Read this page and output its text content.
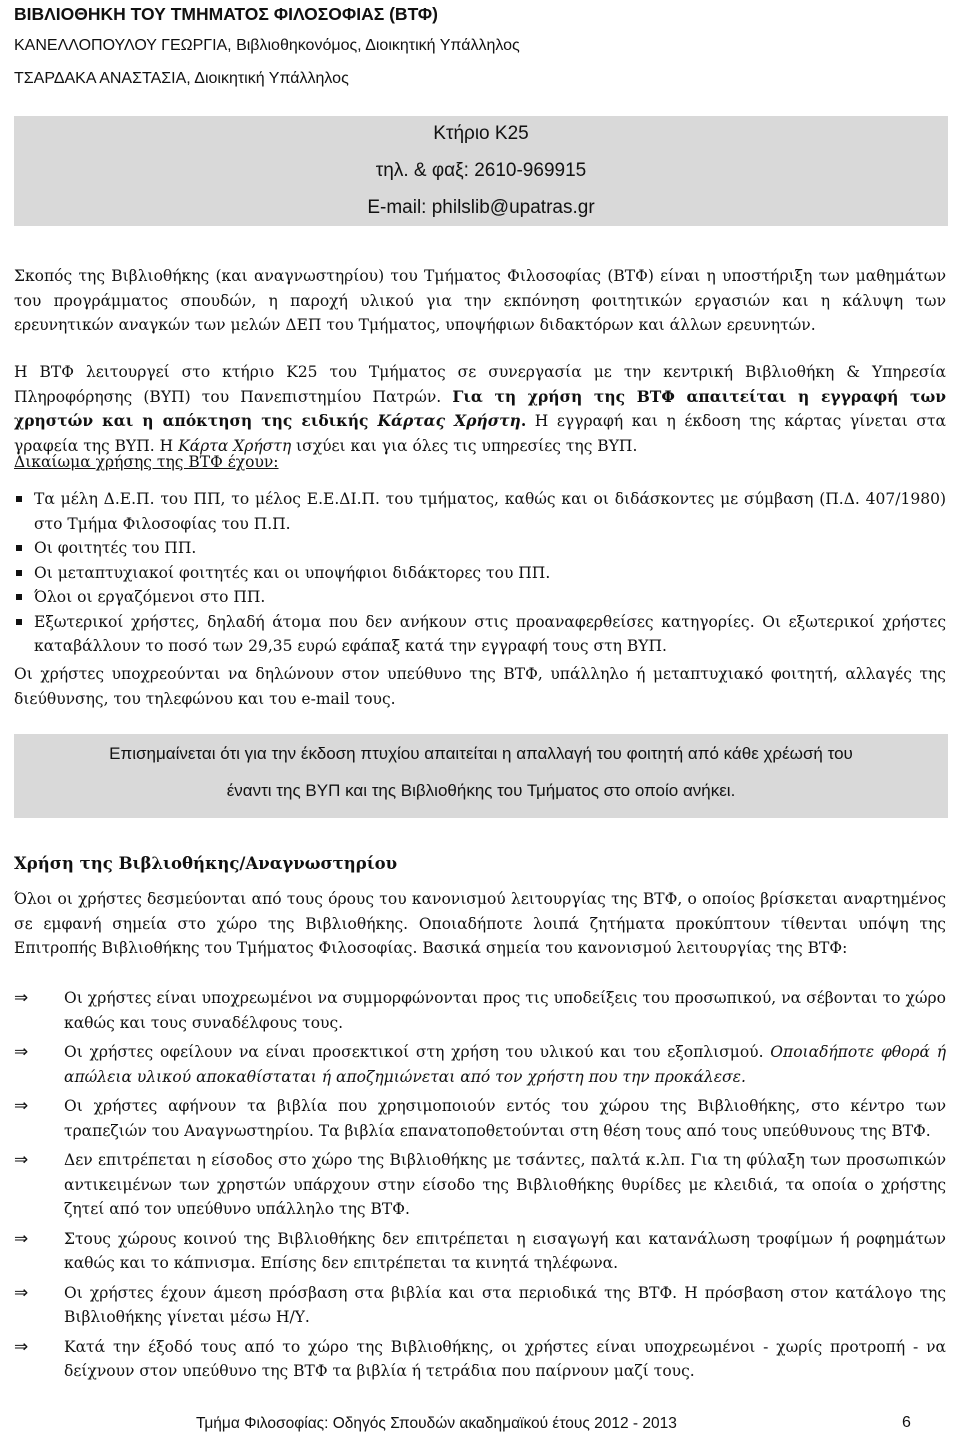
ΒΙΒΛΙΟΘΗΚΗ ΤΟΥ ΤΜΗΜΑΤΟΣ ΦΙΛΟΣΟΦΙΑΣ (ΒΤΦ)
ΚΑΝΕΛΛΟΠΟΥΛΟΥ ΓΕΩΡΓΙΑ, Βιβλιοθηκονόμος, Διοικητική Υπάλληλος
ΤΣΑΡΔΑΚΑ ΑΝΑΣΤΑΣΙΑ, Διοικητική Υπάλληλος
Κτήριο Κ25
τηλ. & φαξ: 2610-969915
E-mail: philslib@upatras.gr

Σκοπός της Βιβλιοθήκης (και αναγνωστηρίου) του Τμήματος Φιλοσοφίας (ΒΤΦ) είναι η υποστήριξη των μαθημάτων του προγράμματος σπουδών, η παροχή υλικού για την εκπόνηση φοιτητικών εργασιών και η κάλυψη των ερευνητικών αναγκών των μελών ΔΕΠ του Τμήματος, υποψήφιων διδακτόρων και άλλων ερευνητών.

Η ΒΤΦ λειτουργεί στο κτήριο Κ25 του Τμήματος σε συνεργασία με την κεντρική Βιβλιοθήκη & Υπηρεσία Πληροφόρησης (ΒΥΠ) του Πανεπιστημίου Πατρών. Για τη χρήση της ΒΤΦ απαιτείται η εγγραφή των χρηστών και η απόκτηση της ειδικής Κάρτας Χρήστη. Η εγγραφή και η έκδοση της κάρτας γίνεται στα γραφεία της ΒΥΠ. Η Κάρτα Χρήστη ισχύει και για όλες τις υπηρεσίες της ΒΥΠ.

Δικαίωμα χρήσης της ΒΤΦ έχουν:

Τα μέλη Δ.Ε.Π. του ΠΠ, το μέλος Ε.Ε.ΔΙ.Π. του τμήματος, καθώς και οι διδάσκοντες με σύμβαση (Π.Δ. 407/1980) στο Τμήμα Φιλοσοφίας του Π.Π.
Οι φοιτητές του ΠΠ.
Οι μεταπτυχιακοί φοιτητές και οι υποψήφιοι διδάκτορες του ΠΠ.
Όλοι οι εργαζόμενοι στο ΠΠ.
Εξωτερικοί χρήστες, δηλαδή άτομα που δεν ανήκουν στις προαναφερθείσες κατηγορίες. Οι εξωτερικοί χρήστες καταβάλλουν το ποσό των 29,35 ευρώ εφάπαξ κατά την εγγραφή τους στη ΒΥΠ.

Οι χρήστες υποχρεούνται να δηλώνουν στον υπεύθυνο της ΒΤΦ, υπάλληλο ή μεταπτυχιακό φοιτητή, αλλαγές της διεύθυνσης, του τηλεφώνου και του e-mail τους.

Επισημαίνεται ότι για την έκδοση πτυχίου απαιτείται η απαλλαγή του φοιτητή από κάθε χρέωσή του
έναντι της ΒΥΠ και της Βιβλιοθήκης του Τμήματος στο οποίο ανήκει.
Χρήση της Βιβλιοθήκης/Αναγνωστηρίου

Όλοι οι χρήστες δεσμεύονται από τους όρους του κανονισμού λειτουργίας της ΒΤΦ, ο οποίος βρίσκεται αναρτημένος σε εμφανή σημεία στο χώρο της Βιβλιοθήκης. Οποιαδήποτε λοιπά ζητήματα προκύπτουν τίθενται υπόψη της Επιτροπής Βιβλιοθήκης του Τμήματος Φιλοσοφίας. Βασικά σημεία του κανονισμού λειτουργίας της ΒΤΦ:

⇒ Οι χρήστες είναι υποχρεωμένοι να συμμορφώνονται προς τις υποδείξεις του προσωπικού, να σέβονται το χώρο καθώς και τους συναδέλφους τους.
⇒ Οι χρήστες οφείλουν να είναι προσεκτικοί στη χρήση του υλικού και του εξοπλισμού. Οποιαδήποτε φθορά ή απώλεια υλικού αποκαθίσταται ή αποζημιώνεται από τον χρήστη που την προκάλεσε.
⇒ Οι χρήστες αφήνουν τα βιβλία που χρησιμοποιούν εντός του χώρου της Βιβλιοθήκης, στο κέντρο των τραπεζιών του Αναγνωστηρίου. Τα βιβλία επανατοποθετούνται στη θέση τους από τους υπεύθυνους της ΒΤΦ.
⇒ Δεν επιτρέπεται η είσοδος στο χώρο της Βιβλιοθήκης με τσάντες, παλτά κ.λπ. Για τη φύλαξη των προσωπικών αντικειμένων των χρηστών υπάρχουν στην είσοδο της Βιβλιοθήκης θυρίδες με κλειδιά, τα οποία ο χρήστης ζητεί από τον υπεύθυνο υπάλληλο της ΒΤΦ.
⇒ Στους χώρους κοινού της Βιβλιοθήκης δεν επιτρέπεται η εισαγωγή και κατανάλωση τροφίμων ή ροφημάτων καθώς και το κάπνισμα. Επίσης δεν επιτρέπεται τα κινητά τηλέφωνα.
⇒ Οι χρήστες έχουν άμεση πρόσβαση στα βιβλία και στα περιοδικά της ΒΤΦ. Η πρόσβαση στον κατάλογο της Βιβλιοθήκης γίνεται μέσω Η/Υ.
⇒ Κατά την έξοδό τους από το χώρο της Βιβλιοθήκης, οι χρήστες είναι υποχρεωμένοι - χωρίς προτροπή - να δείχνουν στον υπεύθυνο της ΒΤΦ τα βιβλία ή τετράδια που παίρνουν μαζί τους.
Τμήμα Φιλοσοφίας: Οδηγός Σπουδών ακαδημαϊκού έτους 2012 - 2013	6
